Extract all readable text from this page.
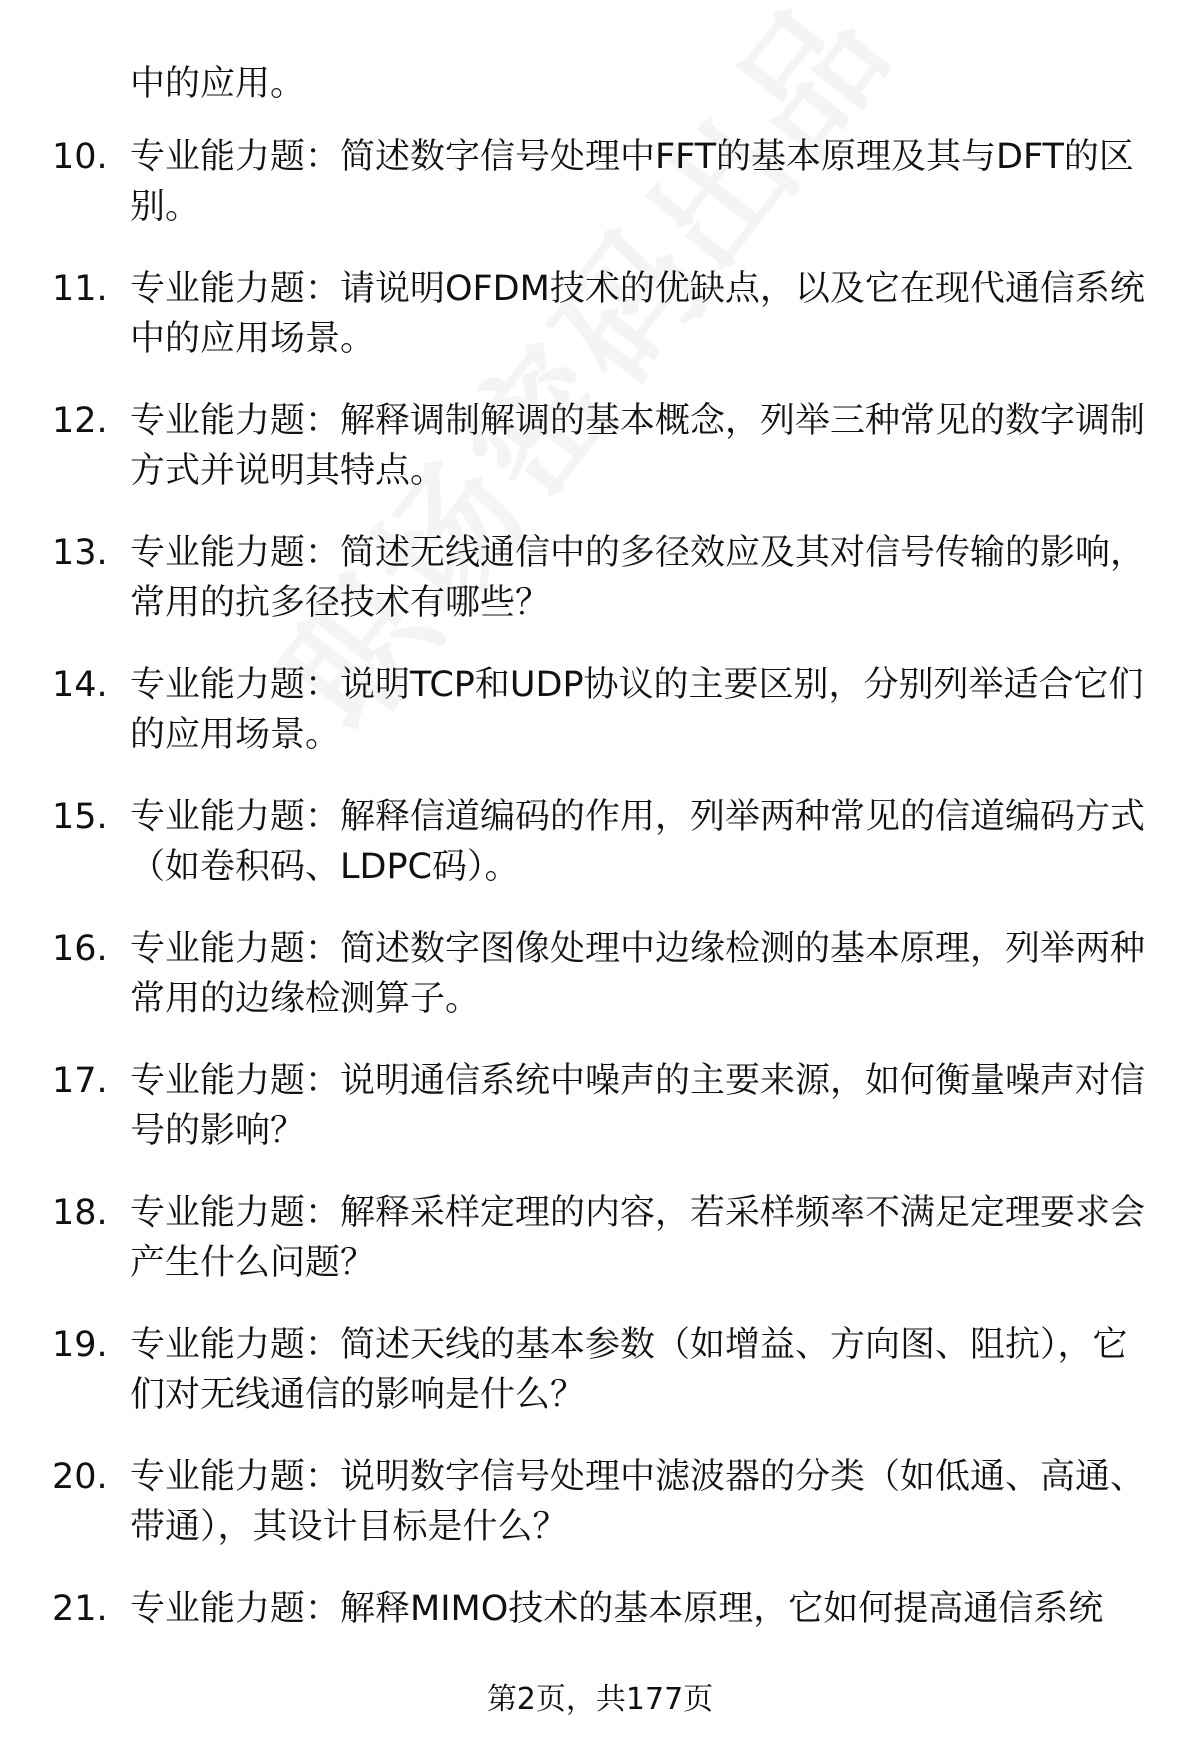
中的应用。
10. 专业能力题：简述数字信号处理中FFT的基本原理及其与DFT的区别。
11. 专业能力题：请说明OFDM技术的优缺点，以及它在现代通信系统中的应用场景。
12. 专业能力题：解释调制解调的基本概念，列举三种常见的数字调制方式并说明其特点。
13. 专业能力题：简述无线通信中的多径效应及其对信号传输的影响，常用的抗多径技术有哪些？
14. 专业能力题：说明TCP和UDP协议的主要区别，分别列举适合它们的应用场景。
15. 专业能力题：解释信道编码的作用，列举两种常见的信道编码方式（如卷积码、LDPC码）。
16. 专业能力题：简述数字图像处理中边缘检测的基本原理，列举两种常用的边缘检测算子。
17. 专业能力题：说明通信系统中噪声的主要来源，如何衡量噪声对信号的影响？
18. 专业能力题：解释采样定理的内容，若采样频率不满足定理要求会产生什么问题？
19. 专业能力题：简述天线的基本参数（如增益、方向图、阻抗），它们对无线通信的影响是什么？
20. 专业能力题：说明数字信号处理中滤波器的分类（如低通、高通、带通），其设计目标是什么？
21. 专业能力题：解释MIMO技术的基本原理，它如何提高通信系统
第2页，共177页
